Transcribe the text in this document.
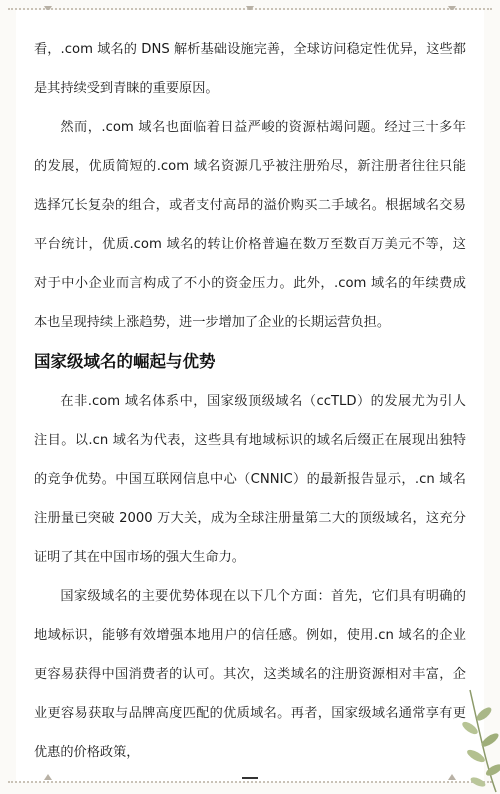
看，.com 域名的 DNS 解析基础设施完善，全球访问稳定性优异，这些都是其持续受到青睐的重要原因。

然而，.com 域名也面临着日益严峻的资源枯竭问题。经过三十多年的发展，优质简短的.com 域名资源几乎被注册殆尽，新注册者往往只能选择冗长复杂的组合，或者支付高昂的溢价购买二手域名。根据域名交易平台统计，优质.com 域名的转让价格普遍在数万至数百万美元不等，这对于中小企业而言构成了不小的资金压力。此外，.com 域名的年续费成本也呈现持续上涨趋势，进一步增加了企业的长期运营负担。

国家级域名的崛起与优势

在非.com 域名体系中，国家级顶级域名（ccTLD）的发展尤为引人注目。以.cn 域名为代表，这些具有地域标识的域名后缀正在展现出独特的竞争优势。中国互联网信息中心（CNNIC）的最新报告显示，.cn 域名注册量已突破 2000 万大关，成为全球注册量第二大的顶级域名，这充分证明了其在中国市场的强大生命力。

国家级域名的主要优势体现在以下几个方面：首先，它们具有明确的地域标识，能够有效增强本地用户的信任感。例如，使用.cn 域名的企业更容易获得中国消费者的认可。其次，这类域名的注册资源相对丰富，企业更容易获取与品牌高度匹配的优质域名。再者，国家级域名通常享有更优惠的价格政策，
